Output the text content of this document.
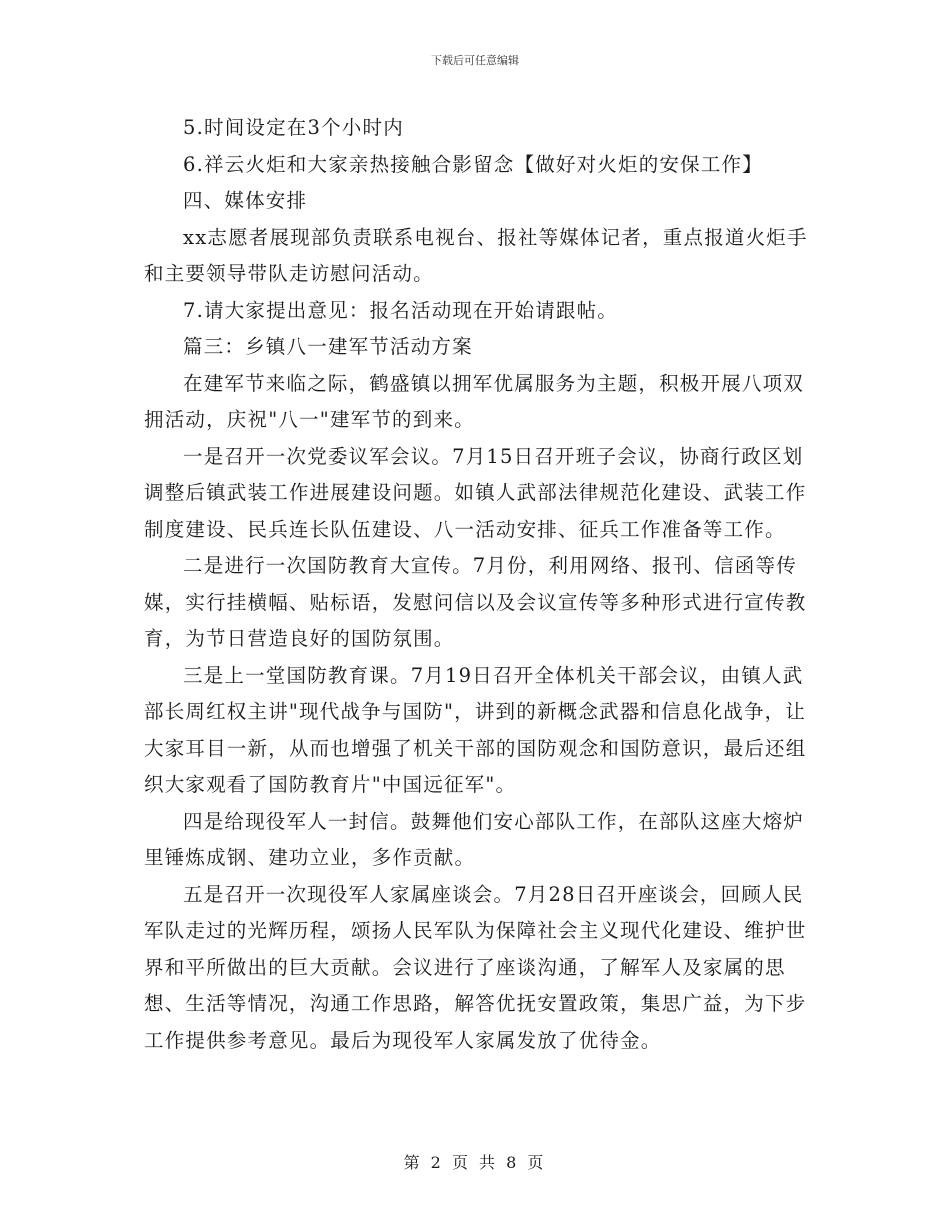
下载后可任意编辑

5.时间设定在3个小时内

6.祥云火炬和大家亲热接触合影留念【做好对火炬的安保工作】

四、媒体安排

xx志愿者展现部负责联系电视台、报社等媒体记者，重点报道火炬手和主要领导带队走访慰问活动。

7.请大家提出意见：报名活动现在开始请跟帖。

篇三：乡镇八一建军节活动方案

在建军节来临之际，鹤盛镇以拥军优属服务为主题，积极开展八项双拥活动，庆祝"八一"建军节的到来。

一是召开一次党委议军会议。7月15日召开班子会议，协商行政区划调整后镇武装工作进展建设问题。如镇人武部法律规范化建设、武装工作制度建设、民兵连长队伍建设、八一活动安排、征兵工作准备等工作。

二是进行一次国防教育大宣传。7月份，利用网络、报刊、信函等传媒，实行挂横幅、贴标语，发慰问信以及会议宣传等多种形式进行宣传教育，为节日营造良好的国防氛围。

三是上一堂国防教育课。7月19日召开全体机关干部会议，由镇人武部长周红权主讲"现代战争与国防"，讲到的新概念武器和信息化战争，让大家耳目一新，从而也增强了机关干部的国防观念和国防意识，最后还组织大家观看了国防教育片"中国远征军"。

四是给现役军人一封信。鼓舞他们安心部队工作，在部队这座大熔炉里锤炼成钢、建功立业，多作贡献。

五是召开一次现役军人家属座谈会。7月28日召开座谈会，回顾人民军队走过的光辉历程，颂扬人民军队为保障社会主义现代化建设、维护世界和平所做出的巨大贡献。会议进行了座谈沟通，了解军人及家属的思想、生活等情况，沟通工作思路，解答优抚安置政策，集思广益，为下步工作提供参考意见。最后为现役军人家属发放了优待金。

第 2 页 共 8 页
